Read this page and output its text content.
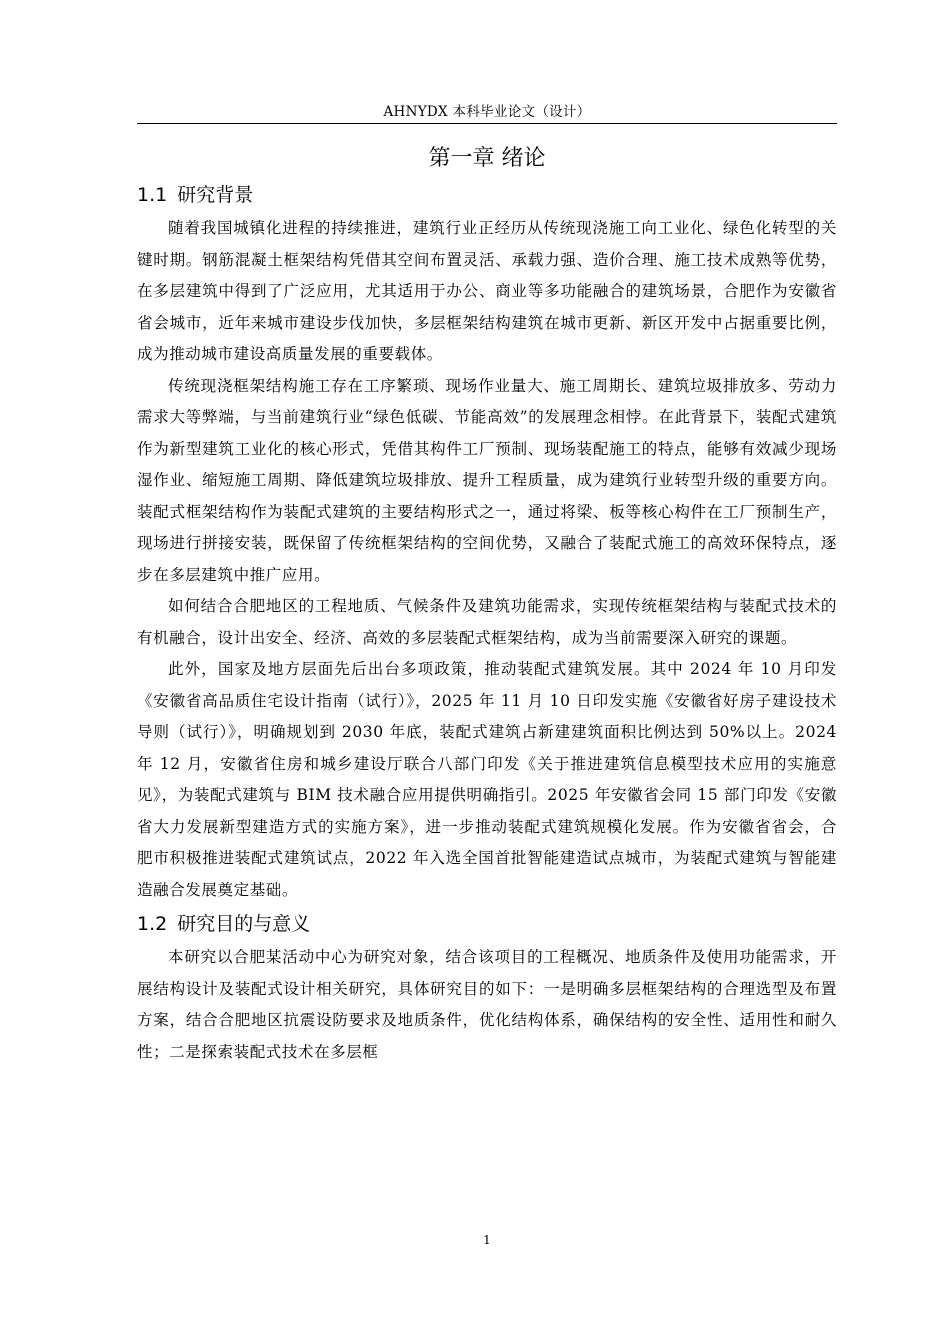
AHNYDX 本科毕业论文（设计）
第一章 绪论
1.1 研究背景

随着我国城镇化进程的持续推进，建筑行业正经历从传统现浇施工向工业化、绿色化转型的关键时期。钢筋混凝土框架结构凭借其空间布置灵活、承载力强、造价合理、施工技术成熟等优势，在多层建筑中得到了广泛应用，尤其适用于办公、商业等多功能融合的建筑场景，合肥作为安徽省省会城市，近年来城市建设步伐加快，多层框架结构建筑在城市更新、新区开发中占据重要比例，成为推动城市建设高质量发展的重要载体。

传统现浇框架结构施工存在工序繁琐、现场作业量大、施工周期长、建筑垃圾排放多、劳动力需求大等弊端，与当前建筑行业“绿色低碳、节能高效”的发展理念相悖。在此背景下，装配式建筑作为新型建筑工业化的核心形式，凭借其构件工厂预制、现场装配施工的特点，能够有效减少现场湿作业、缩短施工周期、降低建筑垃圾排放、提升工程质量，成为建筑行业转型升级的重要方向。装配式框架结构作为装配式建筑的主要结构形式之一，通过将梁、板等核心构件在工厂预制生产，现场进行拼接安装，既保留了传统框架结构的空间优势，又融合了装配式施工的高效环保特点，逐步在多层建筑中推广应用。

如何结合合肥地区的工程地质、气候条件及建筑功能需求，实现传统框架结构与装配式技术的有机融合，设计出安全、经济、高效的多层装配式框架结构，成为当前需要深入研究的课题。

此外，国家及地方层面先后出台多项政策，推动装配式建筑发展。其中 2024 年 10 月印发《安徽省高品质住宅设计指南（试行）》，2025 年 11 月 10 日印发实施《安徽省好房子建设技术导则（试行）》，明确规划到 2030 年底，装配式建筑占新建建筑面积比例达到 50%以上。2024 年 12 月，安徽省住房和城乡建设厅联合八部门印发《关于推进建筑信息模型技术应用的实施意见》，为装配式建筑与 BIM 技术融合应用提供明确指引。2025 年安徽省会同 15 部门印发《安徽省大力发展新型建造方式的实施方案》，进一步推动装配式建筑规模化发展。作为安徽省省会，合肥市积极推进装配式建筑试点，2022 年入选全国首批智能建造试点城市，为装配式建筑与智能建造融合发展奠定基础。

1.2 研究目的与意义

本研究以合肥某活动中心为研究对象，结合该项目的工程概况、地质条件及使用功能需求，开展结构设计及装配式设计相关研究，具体研究目的如下：一是明确多层框架结构的合理选型及布置方案，结合合肥地区抗震设防要求及地质条件，优化结构体系，确保结构的安全性、适用性和耐久性；二是探索装配式技术在多层框

1
